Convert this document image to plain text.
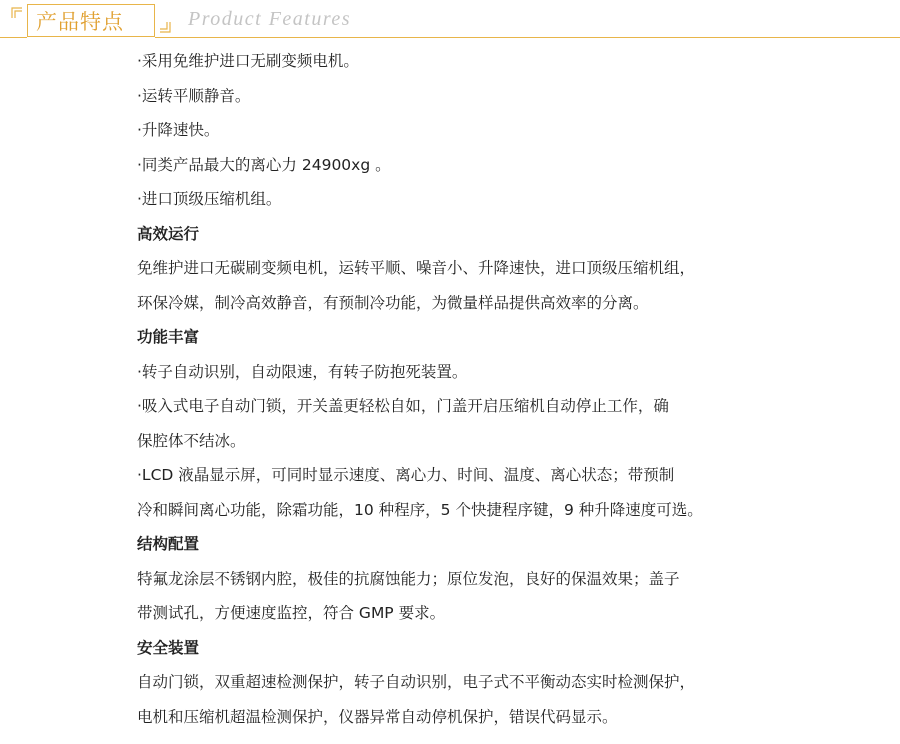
产品特点	Product Features
·采用免维护进口无刷变频电机。
·运转平顺静音。
·升降速快。
·同类产品最大的离心力 24900xg 。
·进口顶级压缩机组。
高效运行
免维护进口无碳刷变频电机，运转平顺、噪音小、升降速快，进口顶级压缩机组，
环保冷媒，制冷高效静音，有预制冷功能，为微量样品提供高效率的分离。
功能丰富
·转子自动识别，自动限速，有转子防抱死装置。
·吸入式电子自动门锁，开关盖更轻松自如，门盖开启压缩机自动停止工作，确
保腔体不结冰。
·LCD 液晶显示屏，可同时显示速度、离心力、时间、温度、离心状态；带预制
冷和瞬间离心功能，除霜功能，10 种程序，5 个快捷程序键，9 种升降速度可选。
结构配置
特氟龙涂层不锈钢内腔，极佳的抗腐蚀能力；原位发泡，良好的保温效果；盖子
带测试孔，方便速度监控，符合 GMP 要求。
安全装置
自动门锁，双重超速检测保护，转子自动识别，电子式不平衡动态实时检测保护，
电机和压缩机超温检测保护，仪器异常自动停机保护，错误代码显示。
